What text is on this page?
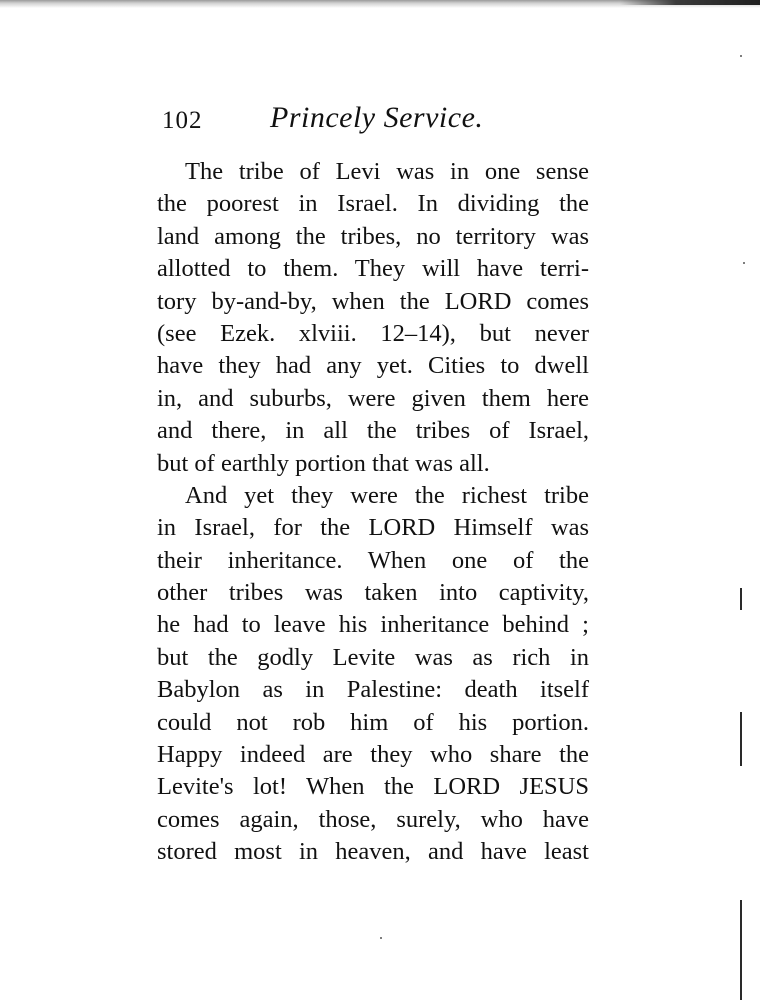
102 Princely Service.
The tribe of Levi was in one sense
the poorest in Israel. In dividing the
land among the tribes, no territory was
allotted to them. They will have terri-
tory by-and-by, when the LORD comes
(see Ezek. xlviii. 12–14), but never
have they had any yet. Cities to dwell
in, and suburbs, were given them here
and there, in all the tribes of Israel,
but of earthly portion that was all.
And yet they were the richest tribe
in Israel, for the LORD Himself was
their inheritance. When one of the
other tribes was taken into captivity,
he had to leave his inheritance behind ;
but the godly Levite was as rich in
Babylon as in Palestine: death itself
could not rob him of his portion.
Happy indeed are they who share the
Levite's lot! When the LORD JESUS
comes again, those, surely, who have
stored most in heaven, and have least
